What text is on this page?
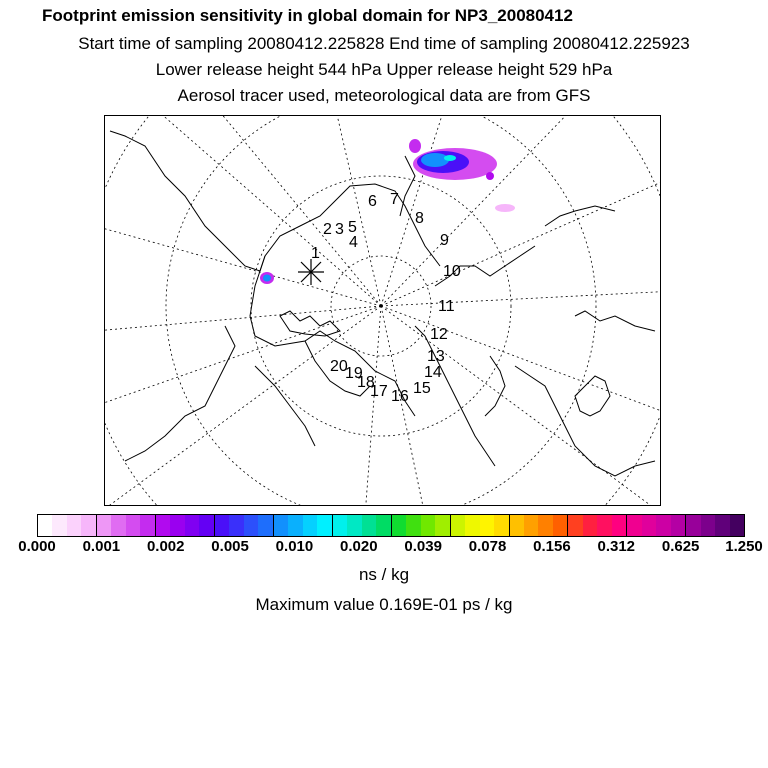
Footprint emission sensitivity in global domain for NP3_20080412
Start time of sampling 20080412.225828 End time of sampling 20080412.225923
Lower release height 544 hPa Upper release height 529 hPa
Aerosol tracer used, meteorological data are from GFS
1
2 3 5
4
6 7
8
9
10
11
12
13
14
15
16
17
18
19
20
0.000 0.001 0.002 0.005 0.010 0.020 0.039 0.078 0.156 0.312 0.625 1.250
ns / kg
Maximum value 0.169E-01 ps / kg
